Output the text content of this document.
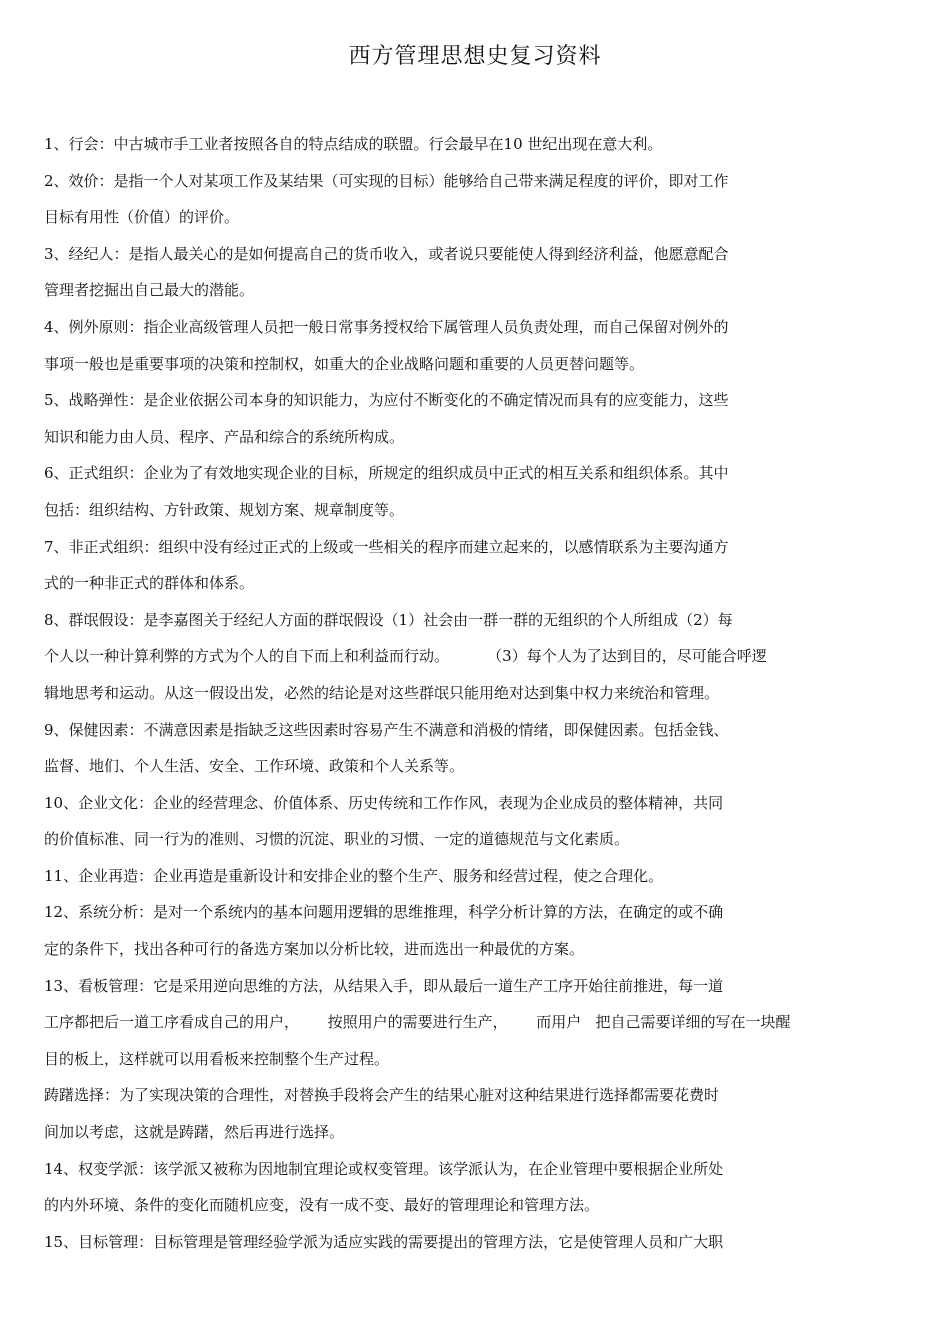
西方管理思想史复习资料
1、行会：中古城市手工业者按照各自的特点结成的联盟。行会最早在10 世纪出现在意大利。
2、效价：是指一个人对某项工作及某结果（可实现的目标）能够给自己带来满足程度的评价，即对工作
目标有用性（价值）的评价。
3、经纪人：是指人最关心的是如何提高自己的货币收入，或者说只要能使人得到经济利益，他愿意配合
管理者挖掘出自己最大的潜能。
4、例外原则：指企业高级管理人员把一般日常事务授权给下属管理人员负责处理，而自己保留对例外的
事项一般也是重要事项的决策和控制权，如重大的企业战略问题和重要的人员更替问题等。
5、战略弹性：是企业依据公司本身的知识能力，为应付不断变化的不确定情况而具有的应变能力，这些
知识和能力由人员、程序、产品和综合的系统所构成。
6、正式组织：企业为了有效地实现企业的目标，所规定的组织成员中正式的相互关系和组织体系。其中
包括：组织结构、方针政策、规划方案、规章制度等。
7、非正式组织：组织中没有经过正式的上级或一些相关的程序而建立起来的，以感情联系为主要沟通方
式的一种非正式的群体和体系。
8、群氓假设：是李嘉图关于经纪人方面的群氓假设（1）社会由一群一群的无组织的个人所组成（2）每
个人以一种计算利弊的方式为个人的自下而上和利益而行动。        （3）每个人为了达到目的，尽可能合呼逻
辑地思考和运动。从这一假设出发，必然的结论是对这些群氓只能用绝对达到集中权力来统治和管理。
9、保健因素：不满意因素是指缺乏这些因素时容易产生不满意和消极的情绪，即保健因素。包括金钱、
监督、地们、个人生活、安全、工作环境、政策和个人关系等。
10、企业文化：企业的经营理念、价值体系、历史传统和工作作风，表现为企业成员的整体精神，共同
的价值标准、同一行为的准则、习惯的沉淀、职业的习惯、一定的道德规范与文化素质。
11、企业再造：企业再造是重新设计和安排企业的整个生产、服务和经营过程，使之合理化。
12、系统分析：是对一个系统内的基本问题用逻辑的思维推理，科学分析计算的方法，在确定的或不确
定的条件下，找出各种可行的备选方案加以分析比较，进而选出一种最优的方案。
13、看板管理：它是采用逆向思维的方法，从结果入手，即从最后一道生产工序开始往前推进，每一道
工序都把后一道工序看成自己的用户，      按照用户的需要进行生产，      而用户   把自己需要详细的写在一块醒
目的板上，这样就可以用看板来控制整个生产过程。
踌躇选择：为了实现决策的合理性，对替换手段将会产生的结果心脏对这种结果进行选择都需要花费时
间加以考虑，这就是踌躇，然后再进行选择。
14、权变学派：该学派又被称为因地制宜理论或权变管理。该学派认为，在企业管理中要根据企业所处
的内外环境、条件的变化而随机应变，没有一成不变、最好的管理理论和管理方法。
15、目标管理：目标管理是管理经验学派为适应实践的需要提出的管理方法，它是使管理人员和广大职
